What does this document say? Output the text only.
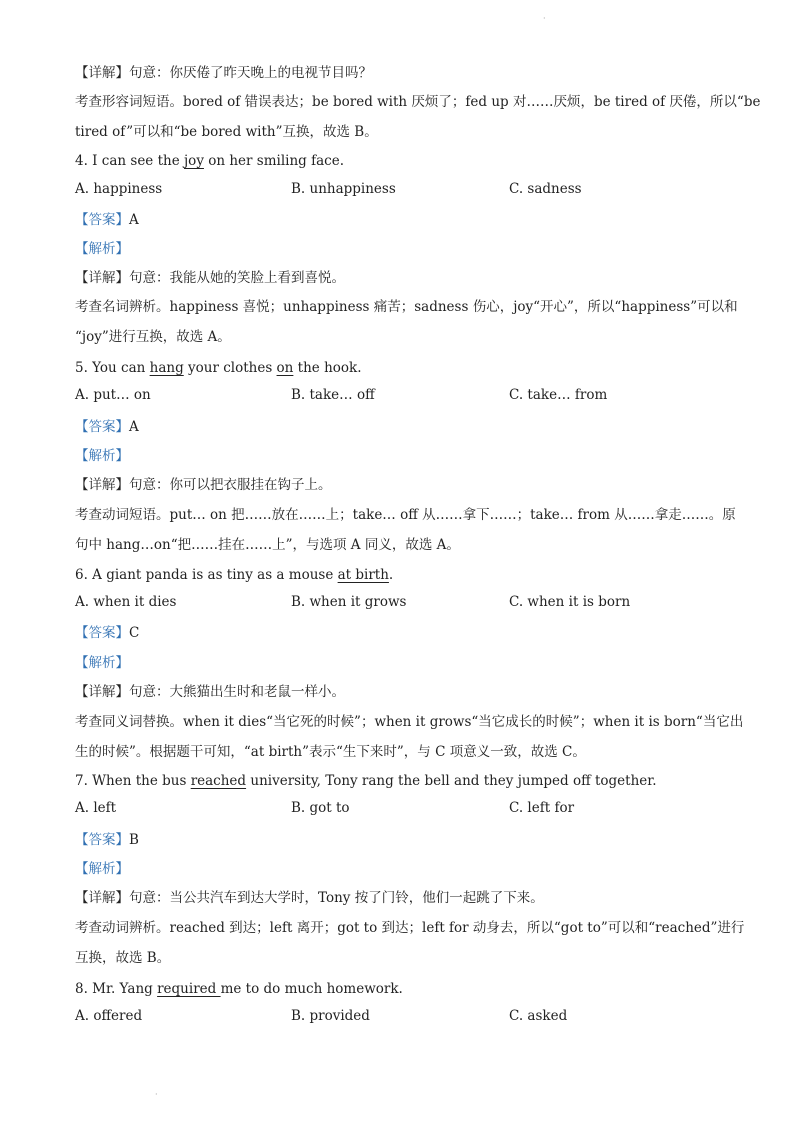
·
·
【详解】句意：你厌倦了昨天晚上的电视节目吗？
考查形容词短语。bored of 错误表达；be bored with 厌烦了；fed up 对……厌烦，be tired of 厌倦，所以“be
tired of”可以和“be bored with”互换，故选 B。
4. I can see the joy on her smiling face.
A. happiness	B. unhappiness	C. sadness
【答案】A
【解析】
【详解】句意：我能从她的笑脸上看到喜悦。
考查名词辨析。happiness 喜悦；unhappiness 痛苦；sadness 伤心，joy“开心”，所以“happiness”可以和
“joy”进行互换，故选 A。
5. You can hang your clothes on the hook.
A. put… on	B. take… off	C. take… from
【答案】A
【解析】
【详解】句意：你可以把衣服挂在钩子上。
考查动词短语。put… on 把……放在……上；take… off 从……拿下……；take… from 从……拿走……。原
句中 hang…on“把……挂在……上”，与选项 A 同义，故选 A。
6. A giant panda is as tiny as a mouse at birth.
A. when it dies	B. when it grows	C. when it is born
【答案】C
【解析】
【详解】句意：大熊猫出生时和老鼠一样小。
考查同义词替换。when it dies“当它死的时候”；when it grows“当它成长的时候”；when it is born“当它出
生的时候”。根据题干可知，“at birth”表示“生下来时”，与 C 项意义一致，故选 C。
7. When the bus reached university, Tony rang the bell and they jumped off together.
A. left	B. got to	C. left for
【答案】B
【解析】
【详解】句意：当公共汽车到达大学时，Tony 按了门铃，他们一起跳了下来。
考查动词辨析。reached 到达；left 离开；got to 到达；left for 动身去，所以“got to”可以和“reached”进行
互换，故选 B。
8. Mr. Yang required me to do much homework.
A. offered	B. provided	C. asked
